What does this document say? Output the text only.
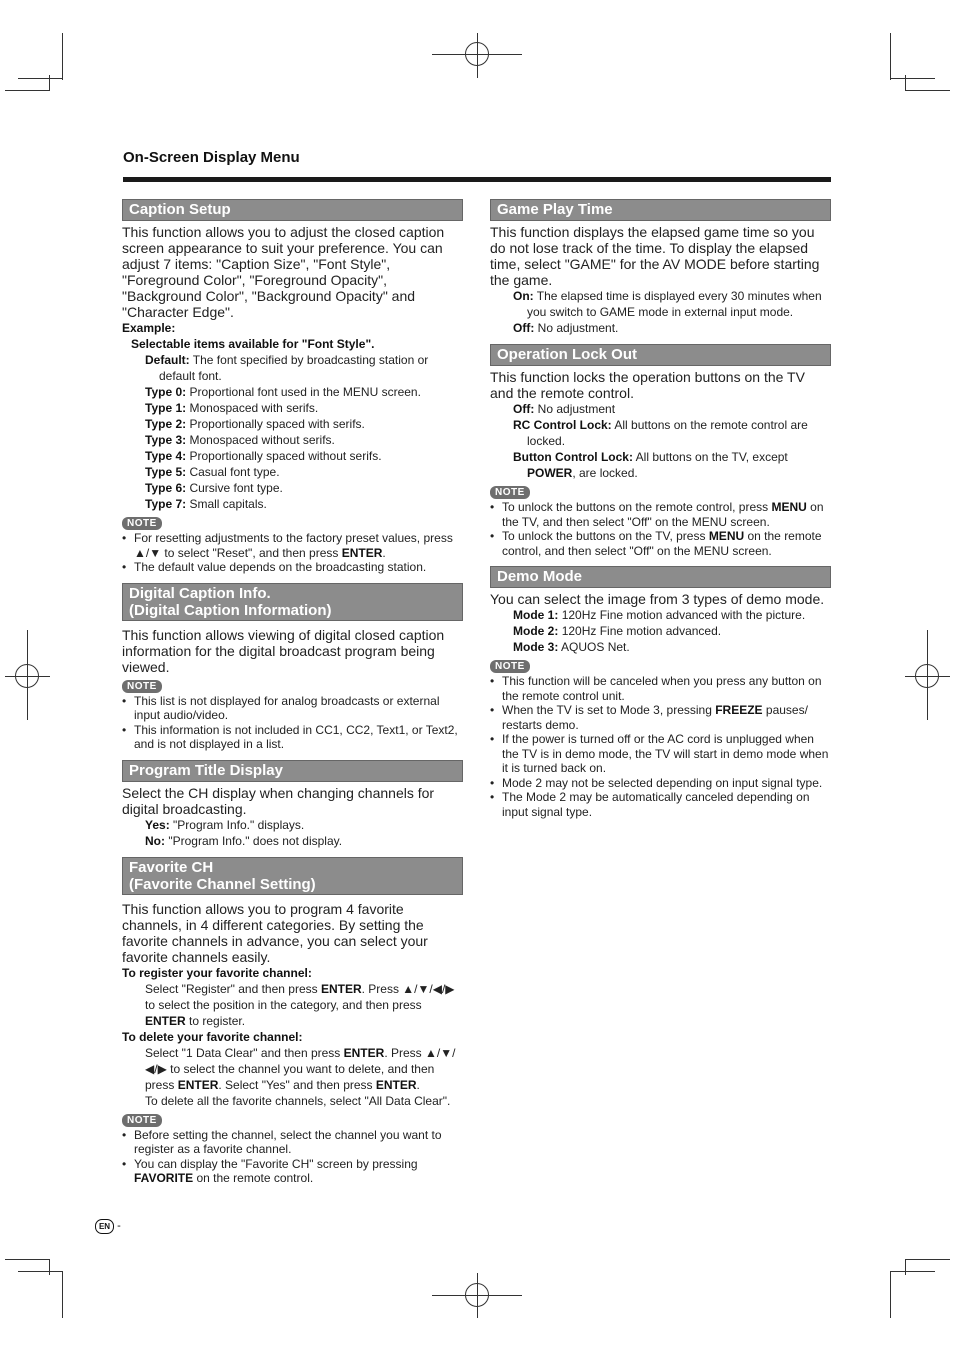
On-Screen Display Menu
Caption Setup
This function allows you to adjust the closed caption screen appearance to suit your preference. You can adjust 7 items: "Caption Size", "Font Style", "Foreground Color", "Foreground Opacity", "Background Color", "Background Opacity" and "Character Edge".
Example:
Selectable items available for "Font Style".
Default: The font specified by broadcasting station or default font.
Type 0: Proportional font used in the MENU screen.
Type 1: Monospaced with serifs.
Type 2: Proportionally spaced with serifs.
Type 3: Monospaced without serifs.
Type 4: Proportionally spaced without serifs.
Type 5: Casual font type.
Type 6: Cursive font type.
Type 7: Small capitals.
NOTE
• For resetting adjustments to the factory preset values, press ▲/▼ to select "Reset", and then press ENTER.
• The default value depends on the broadcasting station.
Digital Caption Info.
(Digital Caption Information)
This function allows viewing of digital closed caption information for the digital broadcast program being viewed.
NOTE
• This list is not displayed for analog broadcasts or external input audio/video.
• This information is not included in CC1, CC2, Text1, or Text2, and is not displayed in a list.
Program Title Display
Select the CH display when changing channels for digital broadcasting.
Yes: "Program Info." displays.
No: "Program Info." does not display.
Favorite CH
(Favorite Channel Setting)
This function allows you to program 4 favorite channels, in 4 different categories. By setting the favorite channels in advance, you can select your favorite channels easily.
To register your favorite channel:
Select "Register" and then press ENTER. Press ▲/▼/◀/▶ to select the position in the category, and then press ENTER to register.
To delete your favorite channel:
Select "1 Data Clear" and then press ENTER. Press ▲/▼/◀/▶ to select the channel you want to delete, and then press ENTER. Select "Yes" and then press ENTER.
To delete all the favorite channels, select "All Data Clear".
NOTE
• Before setting the channel, select the channel you want to register as a favorite channel.
• You can display the "Favorite CH" screen by pressing FAVORITE on the remote control.
Game Play Time
This function displays the elapsed game time so you do not lose track of the time. To display the elapsed time, select "GAME" for the AV MODE before starting the game.
On: The elapsed time is displayed every 30 minutes when you switch to GAME mode in external input mode.
Off: No adjustment.
Operation Lock Out
This function locks the operation buttons on the TV and the remote control.
Off: No adjustment
RC Control Lock: All buttons on the remote control are locked.
Button Control Lock: All buttons on the TV, except POWER, are locked.
NOTE
• To unlock the buttons on the remote control, press MENU on the TV, and then select "Off" on the MENU screen.
• To unlock the buttons on the TV, press MENU on the remote control, and then select "Off" on the MENU screen.
Demo Mode
You can select the image from 3 types of demo mode.
Mode 1: 120Hz Fine motion advanced with the picture.
Mode 2: 120Hz Fine motion advanced.
Mode 3: AQUOS Net.
NOTE
• This function will be canceled when you press any button on the remote control unit.
• When the TV is set to Mode 3, pressing FREEZE pauses/ restarts demo.
• If the power is turned off or the AC cord is unplugged when the TV is in demo mode, the TV will start in demo mode when it is turned back on.
• Mode 2 may not be selected depending on input signal type.
• The Mode 2 may be automatically canceled depending on input signal type.
EN -
